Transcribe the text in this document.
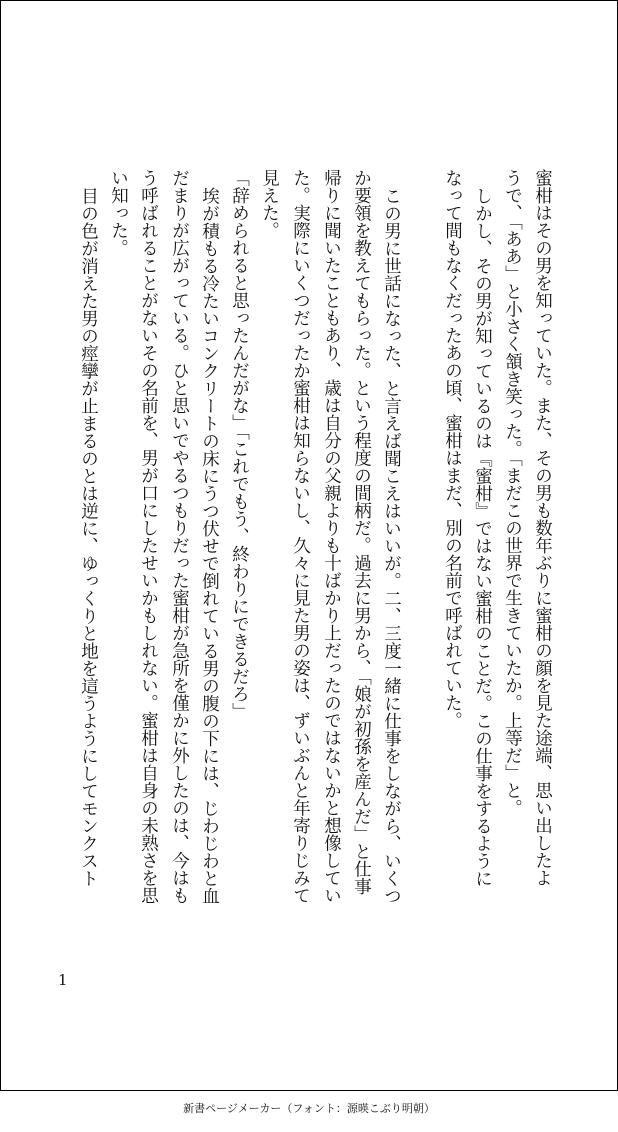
蜜柑はその男を知っていた。また、その男も数年ぶりに蜜柑の顔を見た途端、思い出したよ
うで、「ああ」と小さく頷き笑った。「まだこの世界で生きていたか。上等だ」と。
しかし、その男が知っているのは『蜜柑』ではない蜜柑のことだ。この仕事をするように
なって間もなくだったあの頃、蜜柑はまだ、別の名前で呼ばれていた。
この男に世話になった、と言えば聞こえはいいが。二、三度一緒に仕事をしながら、いくつ
か要領を教えてもらった。という程度の間柄だ。過去に男から、「娘が初孫を産んだ」と仕事
帰りに聞いたこともあり、歳は自分の父親よりも十ばかり上だったのではないかと想像してい
た。実際にいくつだったか蜜柑は知らないし、久々に見た男の姿は、ずいぶんと年寄りじみて
見えた。
「辞められると思ったんだがな」「これでもう、終わりにできるだろ」
埃が積もる冷たいコンクリートの床にうつ伏せで倒れている男の腹の下には、じわじわと血
だまりが広がっている。ひと思いでやるつもりだった蜜柑が急所を僅かに外したのは、今はも
う呼ばれることがないその名前を、男が口にしたせいかもしれない。蜜柑は自身の未熟さを思
い知った。
目の色が消えた男の痙攣が止まるのとは逆に、ゆっくりと地を這うようにしてモンクスト
1
新書ページメーカー（フォント：源暎こぶり明朝）
